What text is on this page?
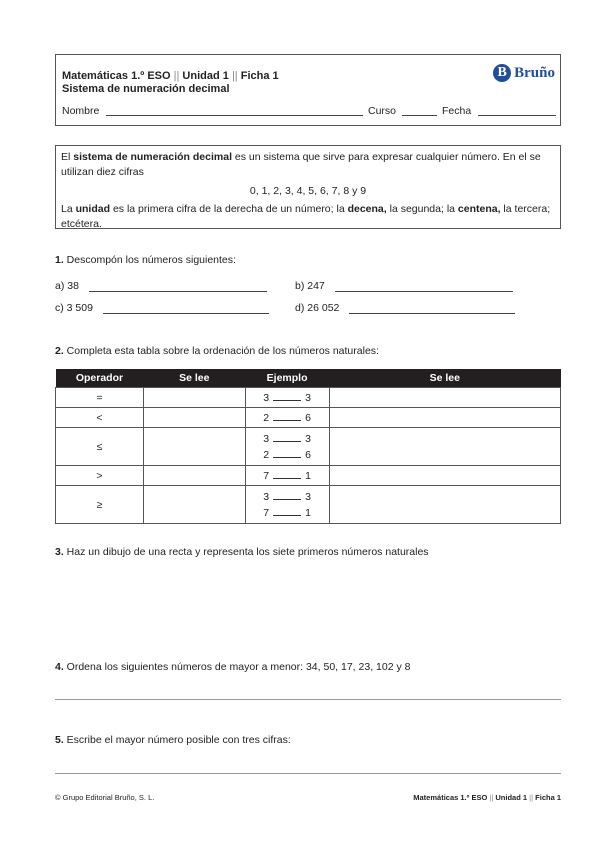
Matemáticas 1.º ESO || Unidad 1 || Ficha 1
Sistema de numeración decimal
B Bruño
Nombre	Curso	Fecha

El sistema de numeración decimal es un sistema que sirve para expresar cualquier número. En el se utilizan diez cifras

0, 1, 2, 3, 4, 5, 6, 7, 8 y 9

La unidad es la primera cifra de la derecha de un número; la decena, la segunda; la centena, la tercera; etcétera.

1. Descompón los números siguientes:
a) 38	b) 247
c) 3 509	d) 26 052
2. Completa esta tabla sobre la ordenación de los números naturales:
Operador	Se lee	Ejemplo	Se lee
=		3 3	

<		2 6	

≤		3 3
2 6	

>		7 1	

≥		3 3
7 1	

3. Haz un dibujo de una recta y representa los siete primeros números naturales
4. Ordena los siguientes números de mayor a menor: 34, 50, 17, 23, 102 y 8
5. Escribe el mayor número posible con tres cifras:
© Grupo Editorial Bruño, S. L.	Matemáticas 1.º ESO || Unidad 1 || Ficha 1
